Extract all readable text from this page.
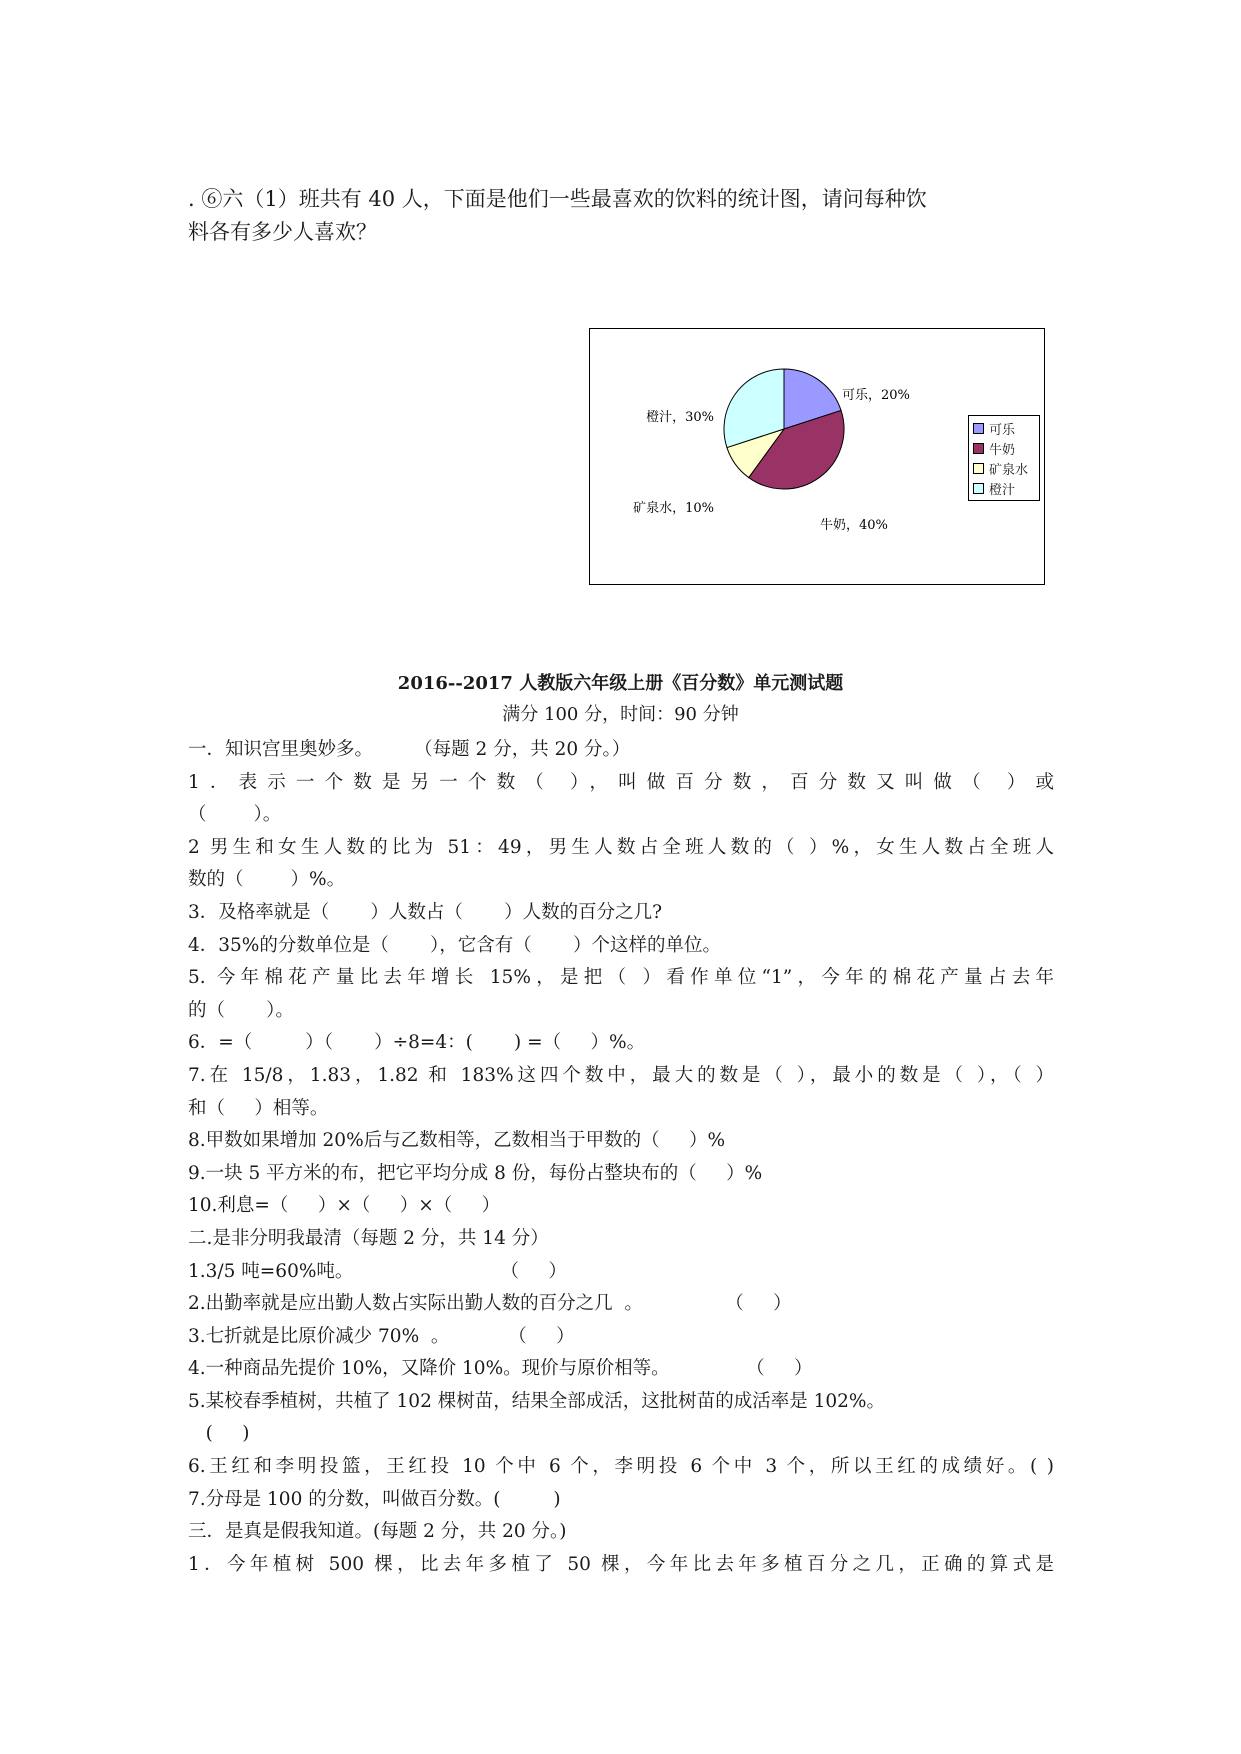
. ⑥六（1）班共有 40 人，下面是他们一些最喜欢的饮料的统计图，请问每种饮
料各有多少人喜欢？
可乐，20%
牛奶，40%
矿泉水，10%
橙汁，30%
可乐
牛奶
矿泉水
橙汁
2016--2017 人教版六年级上册《百分数》单元测试题
满分 100 分，时间：90 分钟
一．知识宫里奥妙多。       （每题 2 分，共 20 分。）
1．表示一个数是另一个数（ ），叫做百分数，百分数又叫做（ ）或
（        ）。
2 男生和女生人数的比为 51：49，男生人数占全班人数的（ ）%，女生人数占全班人
数的（        ）%。
3．及格率就是（       ）人数占（       ）人数的百分之几?
4．35%的分数单位是（       ），它含有（       ）个这样的单位。
5. 今年棉花产量比去年增长 15%，是把（ ）看作单位“1”，今年的棉花产量占去年
的（       ）。
6．=（         ）（       ）÷8=4：(       ) =（     ）%。
7.在 15/8，1.83，1.82 和 183%这四个数中，最大的数是（ ），最小的数是（ ），（ ）
和（     ）相等。
8.甲数如果增加 20%后与乙数相等，乙数相当于甲数的（     ）%
9.一块 5 平方米的布，把它平均分成 8 份，每份占整块布的（     ）%
10.利息=（     ）×（     ）×（     ）
二.是非分明我最清（每题 2 分，共 14 分）
1.3/5 吨=60%吨。                         （     ）
2.出勤率就是应出勤人数占实际出勤人数的百分之几  。              （     ）
3.七折就是比原价减少 70%  。          （     ）
4.一种商品先提价 10%，又降价 10%。现价与原价相等。             （     ）
5.某校春季植树，共植了 102 棵树苗，结果全部成活，这批树苗的成活率是 102%。
(     )
6.王红和李明投篮，王红投 10 个中 6 个，李明投 6 个中 3 个，所以王红的成绩好。( )
7.分母是 100 的分数，叫做百分数。(         )
三．是真是假我知道。(每题 2 分，共 20 分。)
1．今年植树 500 棵，比去年多植了 50 棵，今年比去年多植百分之几，正确的算式是
